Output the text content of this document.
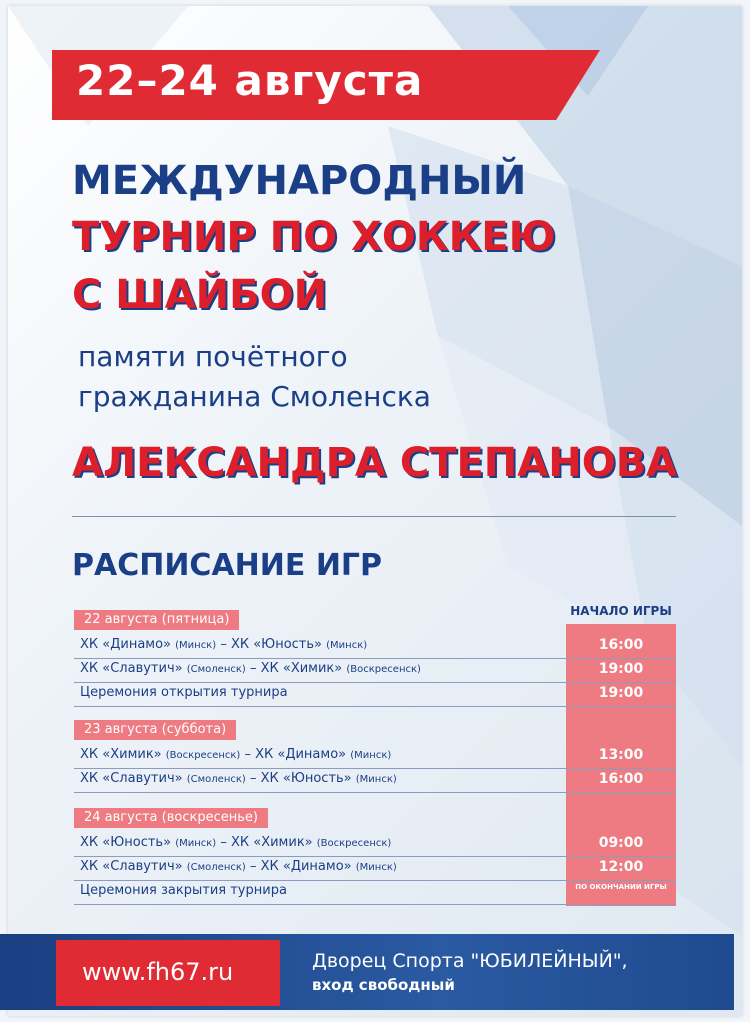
22–24 августа
МЕЖДУНАРОДНЫЙ
ТУРНИР ПО ХОККЕЮ
С ШАЙБОЙ
памяти почётного
гражданина Смоленска
АЛЕКСАНДРА СТЕПАНОВА
РАСПИСАНИЕ ИГР
НАЧАЛО ИГРЫ
22 августа (пятница)
ХК «Динамо» (Минск) – ХК «Юность» (Минск)	16:00
ХК «Славутич» (Смоленск) – ХК «Химик» (Воскресенск)	19:00
Церемония открытия турнира	19:00
23 августа (суббота)
ХК «Химик» (Воскресенск) – ХК «Динамо» (Минск)	13:00
ХК «Славутич» (Смоленск) – ХК «Юность» (Минск)	16:00
24 августа (воскресенье)
ХК «Юность» (Минск) – ХК «Химик» (Воскресенск)	09:00
ХК «Славутич» (Смоленск) – ХК «Динамо» (Минск)	12:00
Церемония закрытия турнира	ПО ОКОНЧАНИИ ИГРЫ
www.fh67.ru	Дворец Спорта "ЮБИЛЕЙНЫЙ",
вход свободный
